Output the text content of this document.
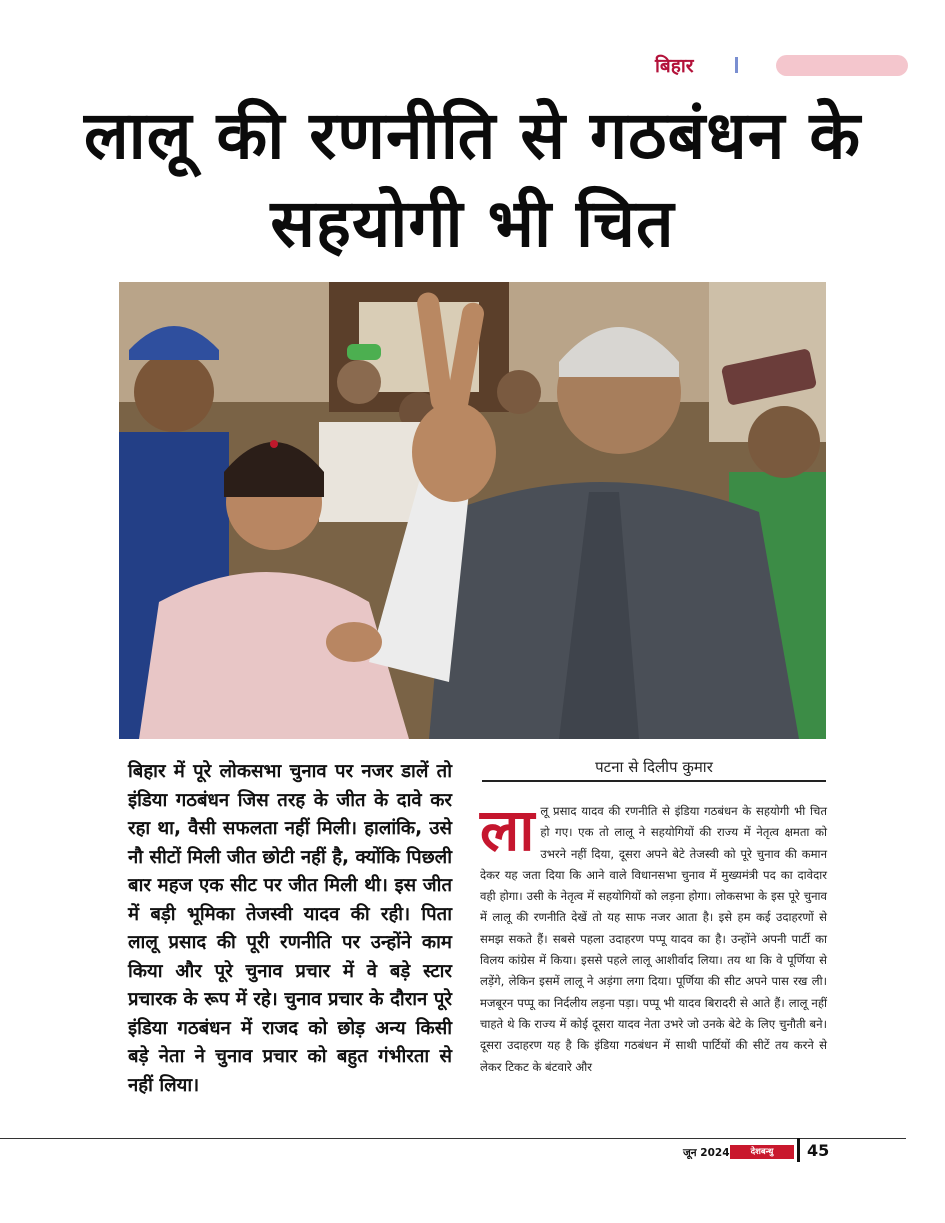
बिहार
लालू की रणनीति से गठबंधन के सहयोगी भी चित

बिहार में पूरे लोकसभा चुनाव पर नजर डालें तो इंडिया गठबंधन जिस तरह के जीत के दावे कर रहा था, वैसी सफलता नहीं मिली। हालांकि, उसे नौ सीटों मिली जीत छोटी नहीं है, क्योंकि पिछली बार महज एक सीट पर जीत मिली थी। इस जीत में बड़ी भूमिका तेजस्वी यादव की रही। पिता लालू प्रसाद की पूरी रणनीति पर उन्होंने काम किया और पूरे चुनाव प्रचार में वे बड़े स्टार प्रचारक के रूप में रहे। चुनाव प्रचार के दौरान पूरे इंडिया गठबंधन में राजद को छोड़ अन्य किसी बड़े नेता ने चुनाव प्रचार को बहुत गंभीरता से नहीं लिया।

पटना से दिलीप कुमार
ला लू प्रसाद यादव की रणनीति से इंडिया गठबंधन के सहयोगी भी चित हो गए। एक तो लालू ने सहयोगियों की राज्य में नेतृत्व क्षमता को उभरने नहीं दिया, दूसरा अपने बेटे तेजस्वी को पूरे चुनाव की कमान देकर यह जता दिया कि आने वाले विधानसभा चुनाव में मुख्यमंत्री पद का दावेदार वही होगा। उसी के नेतृत्व में सहयोगियों को लड़ना होगा। लोकसभा के इस पूरे चुनाव में लालू की रणनीति देखें तो यह साफ नजर आता है। इसे हम कई उदाहरणों से समझ सकते हैं। सबसे पहला उदाहरण पप्पू यादव का है। उन्होंने अपनी पार्टी का विलय कांग्रेस में किया। इससे पहले लालू आशीर्वाद लिया। तय था कि वे पूर्णिया से लड़ेंगे, लेकिन इसमें लालू ने अड़ंगा लगा दिया। पूर्णिया की सीट अपने पास रख ली। मजबूरन पप्पू का निर्दलीय लड़ना पड़ा। पप्पू भी यादव बिरादरी से आते हैं। लालू नहीं चाहते थे कि राज्य में कोई दूसरा यादव नेता उभरे जो उनके बेटे के लिए चुनौती बने। दूसरा उदाहरण यह है कि इंडिया गठबंधन में साथी पार्टियों की सीटें तय करने से लेकर टिकट के बंटवारे और
जून 2024	देशबन्धु	45
